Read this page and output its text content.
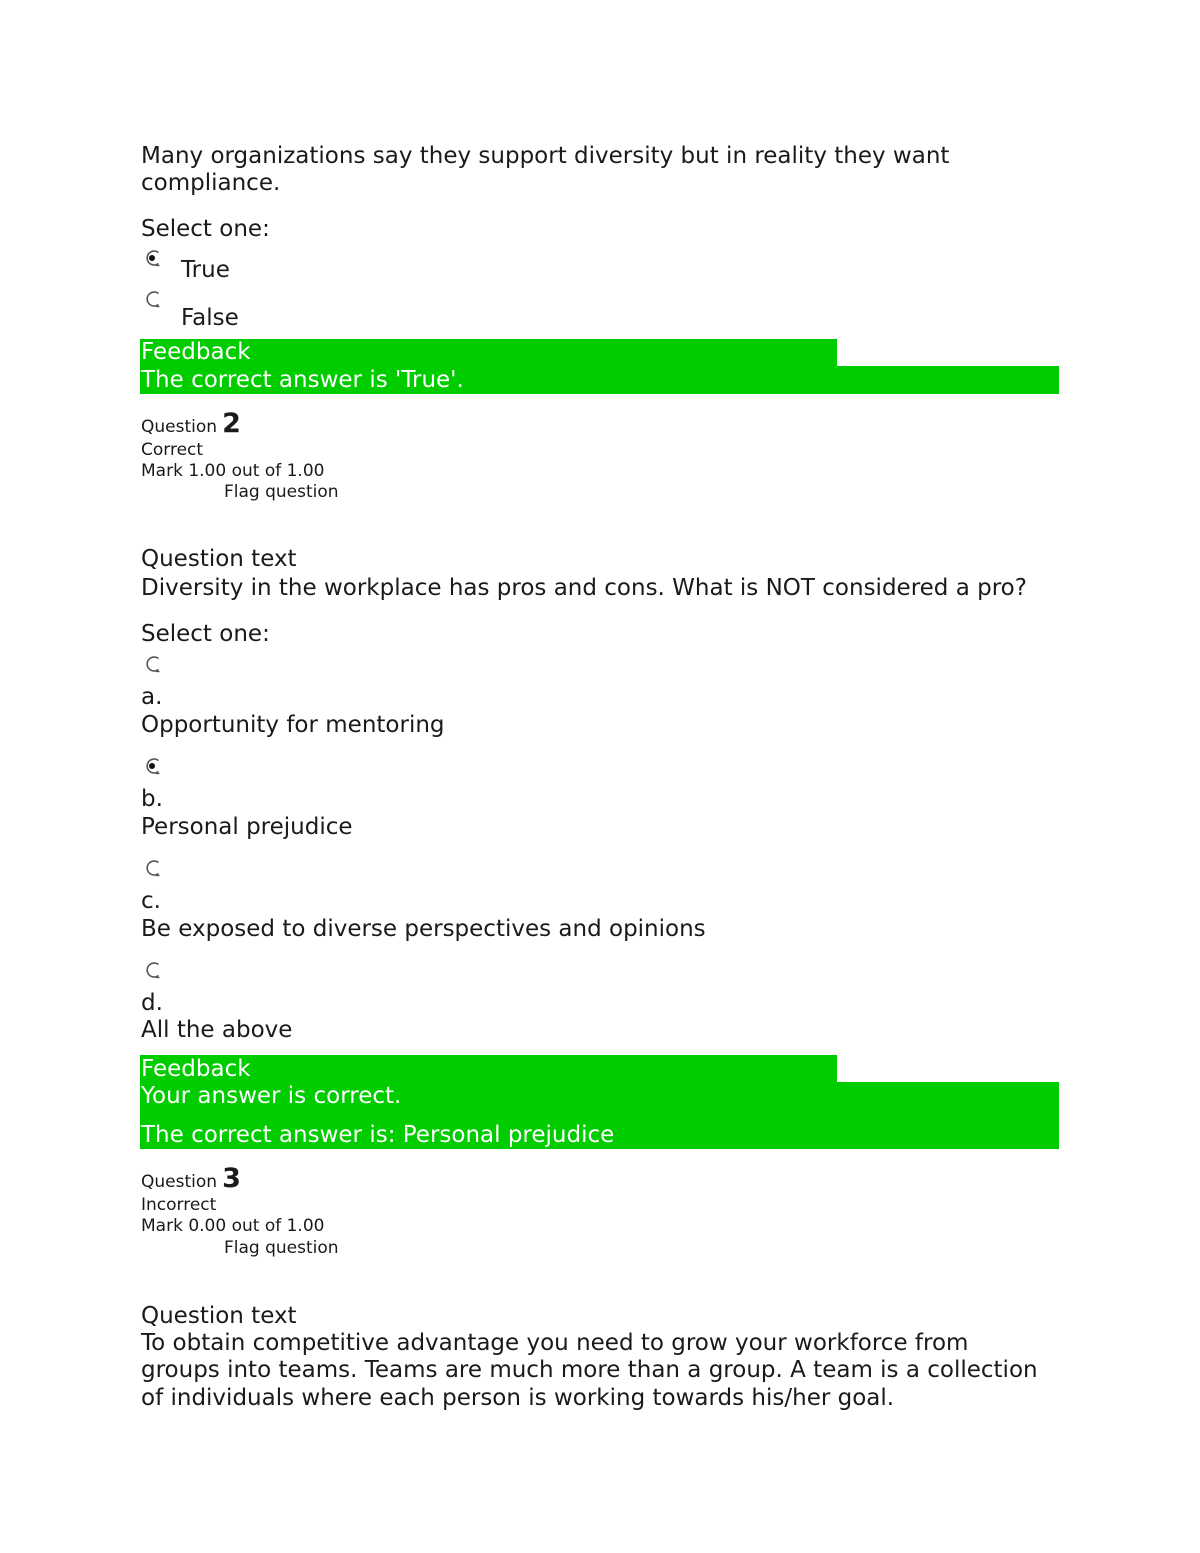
Many organizations say they support diversity but in reality they want
compliance.
Select one:
True
False
Feedback
The correct answer is 'True'.
Question 2
Correct
Mark 1.00 out of 1.00
Flag question
Question text
Diversity in the workplace has pros and cons. What is NOT considered a pro?
Select one:
a.
Opportunity for mentoring
b.
Personal prejudice
c.
Be exposed to diverse perspectives and opinions
d.
All the above
Feedback
Your answer is correct.
The correct answer is: Personal prejudice
Question 3
Incorrect
Mark 0.00 out of 1.00
Flag question
Question text
To obtain competitive advantage you need to grow your workforce from
groups into teams. Teams are much more than a group. A team is a collection
of individuals where each person is working towards his/her goal.
